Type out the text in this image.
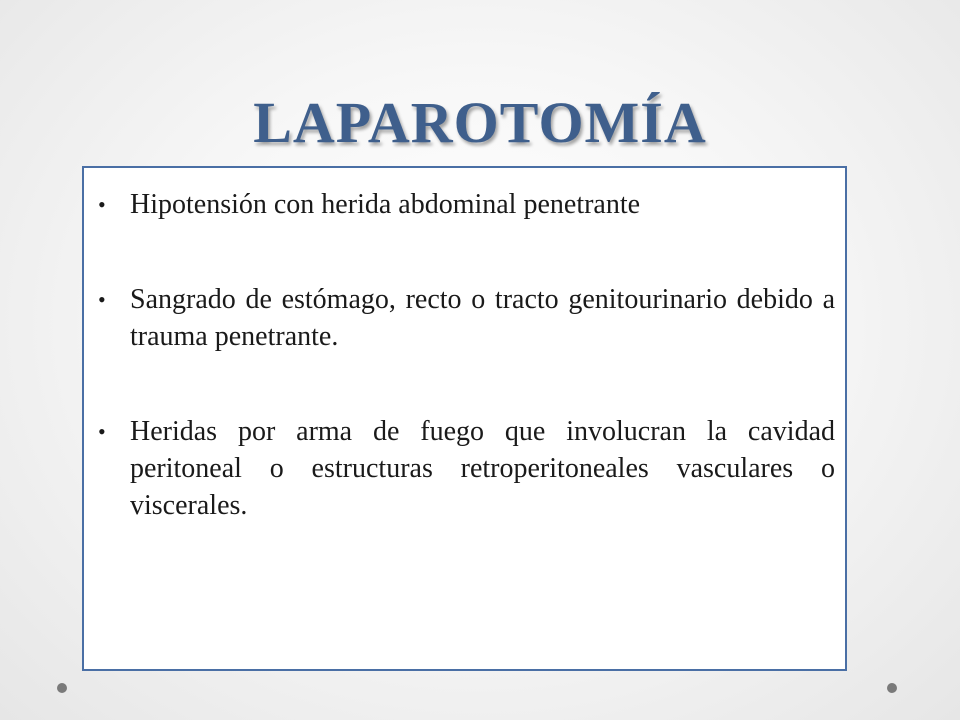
LAPAROTOMÍA
• Hipotensión con herida abdominal penetrante
• Sangrado de estómago, recto o tracto genitourinario debido a trauma penetrante.
• Heridas por arma de fuego que involucran la cavidad peritoneal o estructuras retroperitoneales vasculares o viscerales.
